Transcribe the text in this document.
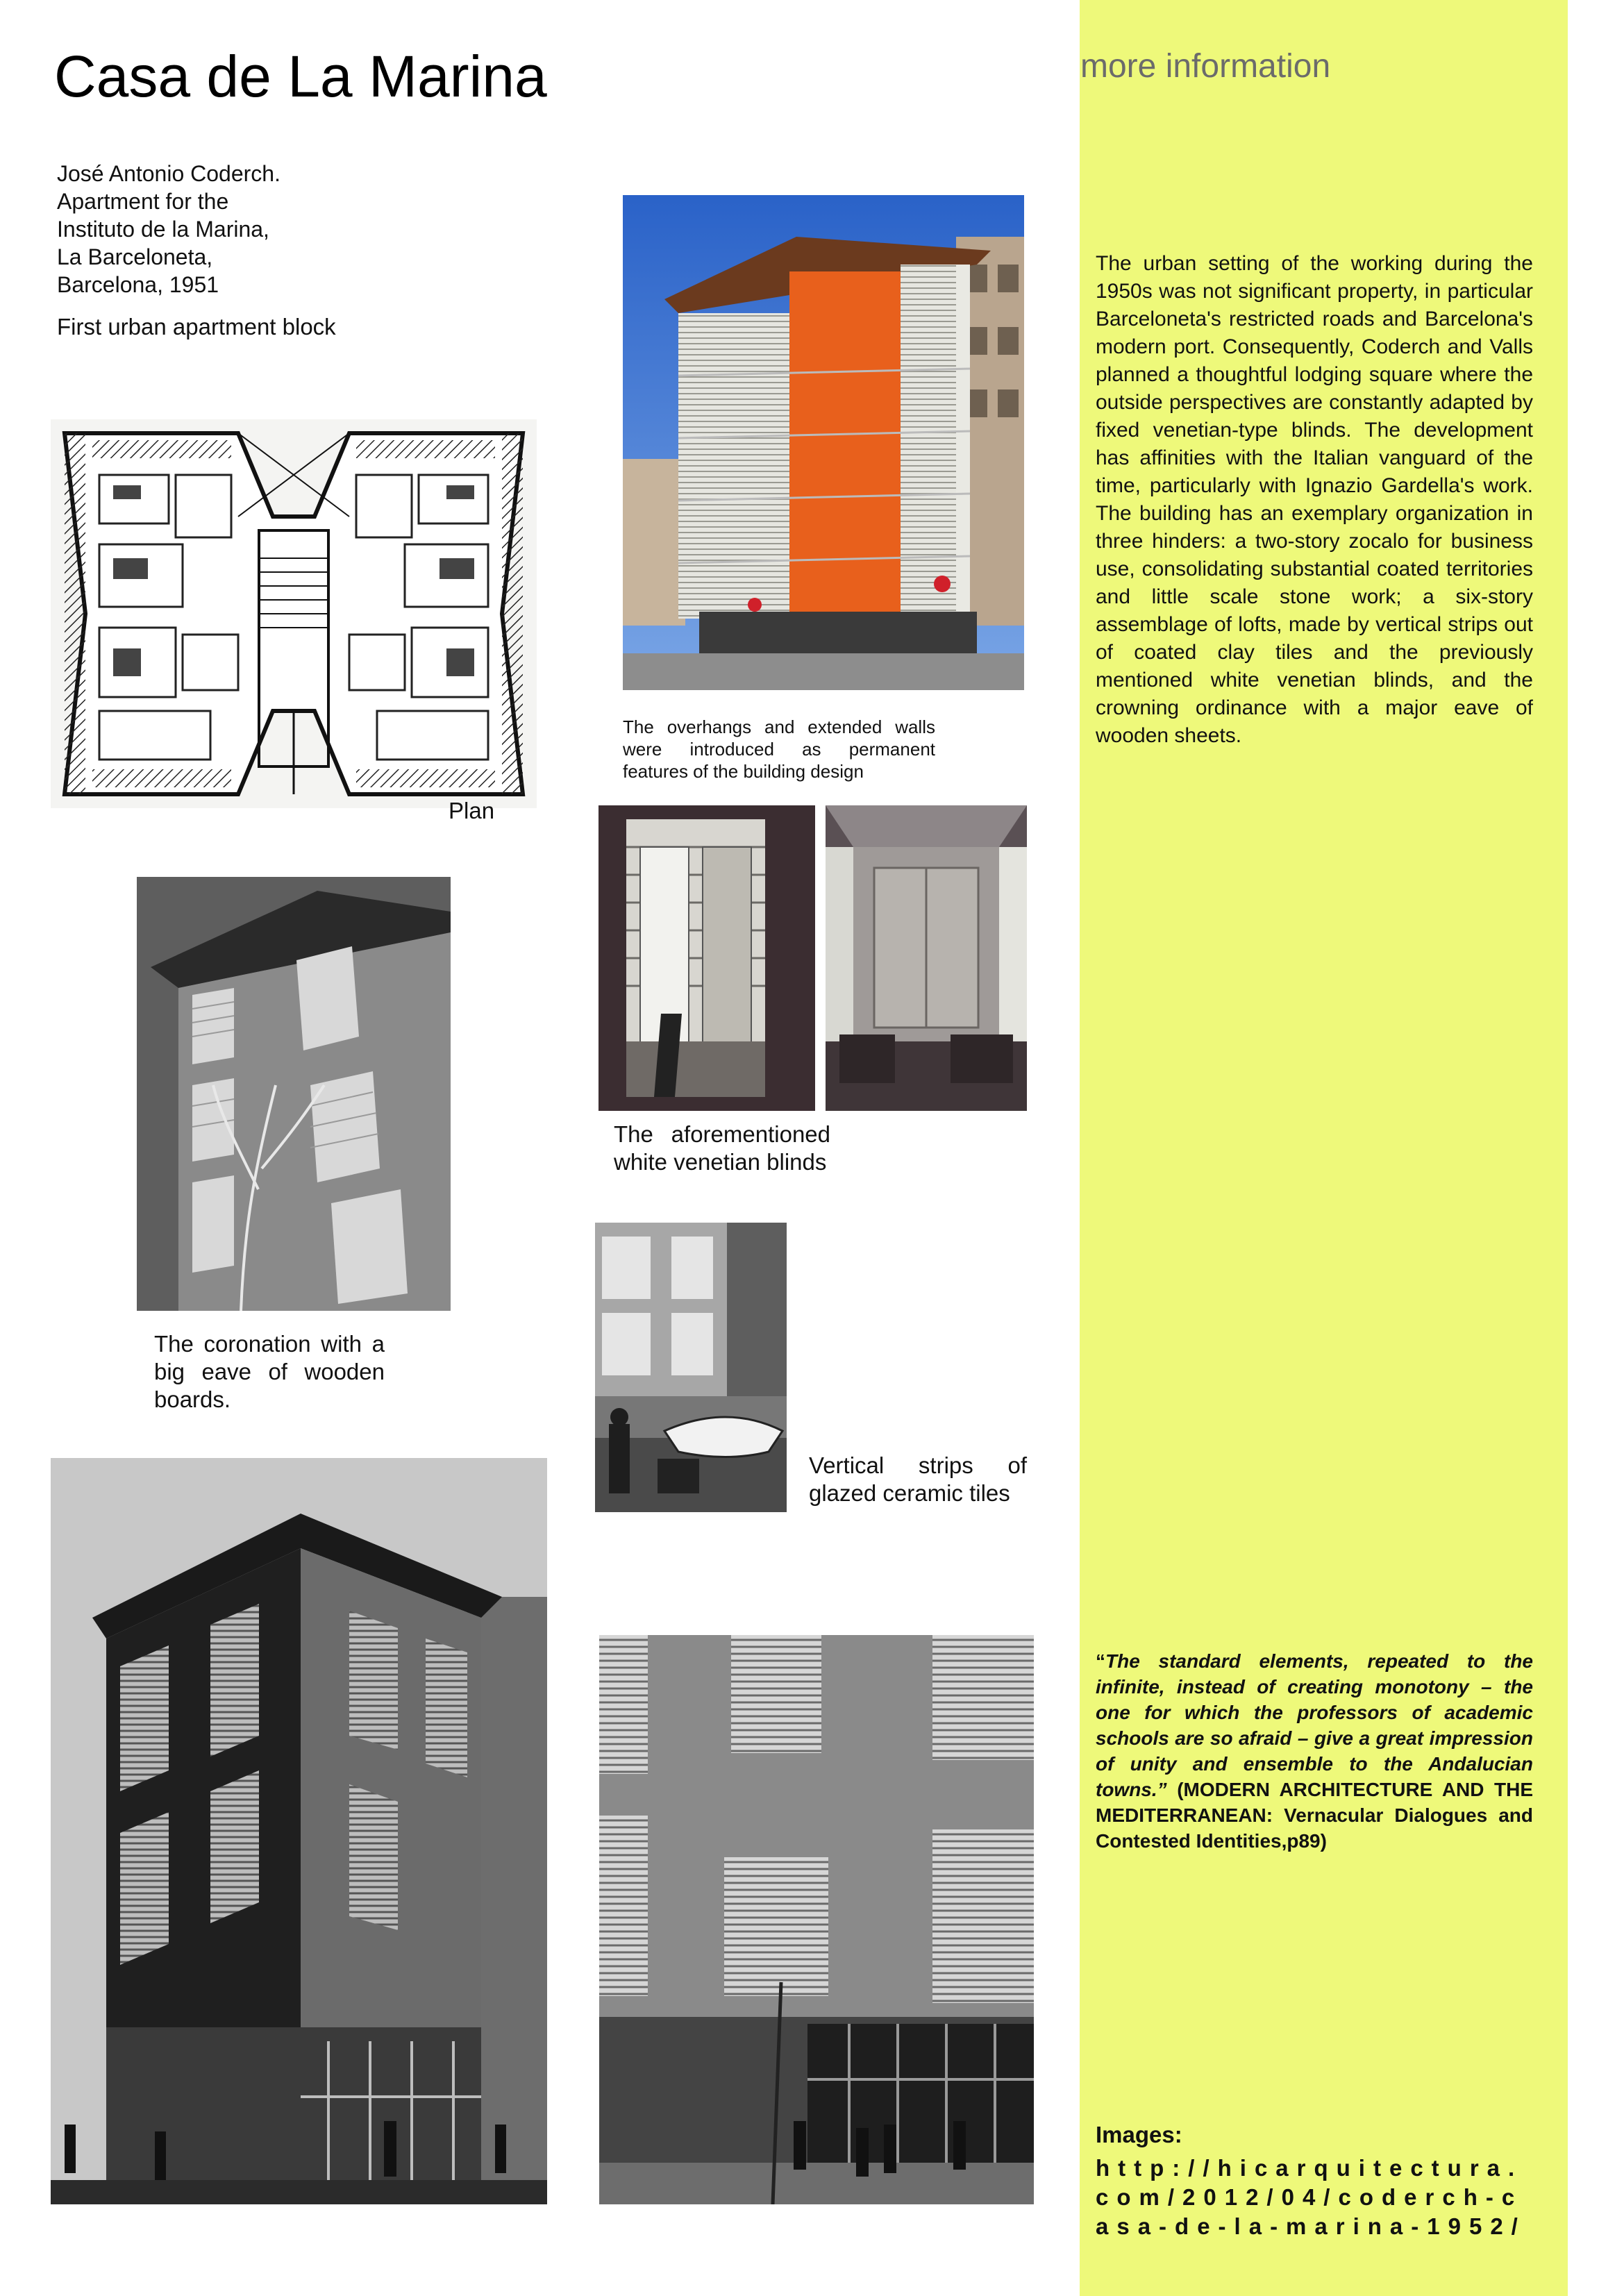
Casa de La Marina	more information
José Antonio Coderch.
Apartment for the
Instituto de la Marina,
La Barceloneta,
Barcelona, 1951
First urban apartment block
Plan
The overhangs and extended walls were introduced as permanent features of the building design
The aforementioned white venetian blinds
The coronation with a big eave of wooden boards.
Vertical strips of glazed ceramic tiles
The urban setting of the working during the 1950s was not significant property, in particular Barceloneta's restricted roads and Barcelona's modern port. Consequently, Coderch and Valls planned a thoughtful lodging square where the outside perspectives are constantly adapted by fixed venetian-type blinds. The development has affinities with the Italian vanguard of the time, particularly with Ignazio Gardella's work. The building has an exemplary organization in three hinders: a two-story zocalo for business use, consolidating substantial coated territories and little scale stone work; a six-story assemblage of lofts, made by vertical strips out of coated clay tiles and the previously mentioned white venetian blinds, and the crowning ordinance with a major eave of wooden sheets.
“The standard elements, repeated to the infinite, instead of creating monotony – the one for which the professors of academic schools are so afraid – give a great impression of unity and ensemble to the Andalucian towns.” (MODERN ARCHITECTURE AND THE MEDITERRANEAN: Vernacular Dialogues and Contested Identities,p89)
Images:
http://hicarquitectura.com/2012/04/coderch-casa-de-la-marina-1952/
